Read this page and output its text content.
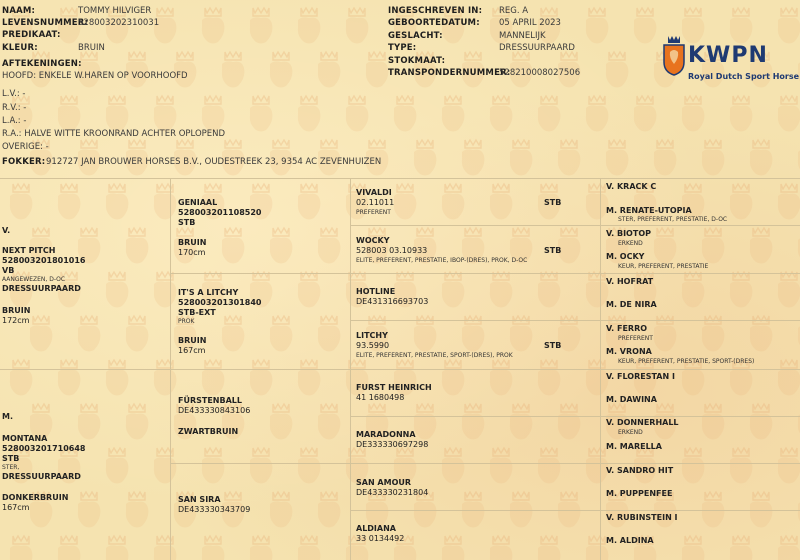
NAAM:	TOMMY HILVIGER
LEVENSNUMMER:
528003202310031
PREDIKAAT:
KLEUR:	BRUIN
AFTEKENINGEN:
HOOFD: ENKELE W.HAREN OP VOORHOOFD
L.V.: -
R.V.: -
L.A.: -
R.A.: HALVE WITTE KROONRAND ACHTER OPLOPEND
OVERIGE: -
FOKKER: 912727 JAN BROUWER HORSES B.V., OUDESTREEK 23, 9354 AC ZEVENHUIZEN
INGESCHREVEN IN: REG. A
GEBOORTEDATUM: 05 APRIL 2023
GESLACHT:	MANNELIJK
TYPE:	DRESSUURPAARD
STOKMAAT:
TRANSPONDERNUMMER:
528210008027506
KWPN
Royal Dutch Sport Horse
V.
NEXT PITCH
528003201801016
VB
AANGEWEZEN, D-OC
DRESSUURPAARD
BRUIN
172cm
M.
MONTANA
528003201710648
STB
STER,
DRESSUURPAARD
DONKERBRUIN
167cm
GENIAAL
528003201108520
STB
BRUIN
170cm
IT'S A LITCHY
528003201301840
STB-EXT
PROK
BRUIN
167cm
FÜRSTENBALL
DE433330843106
ZWARTBRUIN
SAN SIRA
DE433330343709
VIVALDI
02.11011
PREFERENT
STB
WOCKY
528003 03.10933
ELITE, PREFERENT, PRESTATIE, IBOP-(DRES), PROK, D-OC
STB
HOTLINE
DE431316693703
LITCHY
93.5990
ELITE, PREFERENT, PRESTATIE, SPORT-(DRES), PROK
STB
FURST HEINRICH
41 1680498
MARADONNA
DE333330697298
SAN AMOUR
DE433330231804
ALDIANA
33 0134492
V. KRACK C
M. RENATE-UTOPIA
STER, PREFERENT, PRESTATIE, D-OC
V. BIOTOP
ERKEND
M. OCKY
KEUR, PREFERENT, PRESTATIE
V. HOFRAT
M. DE NIRA
V. FERRO
PREFERENT
M. VRONA
KEUR, PREFERENT, PRESTATIE, SPORT-(DRES)
V. FLORESTAN I
M. DAWINA
V. DONNERHALL
ERKEND
M. MARELLA
V. SANDRO HIT
M. PUPPENFEE
V. RUBINSTEIN I
M. ALDINA
